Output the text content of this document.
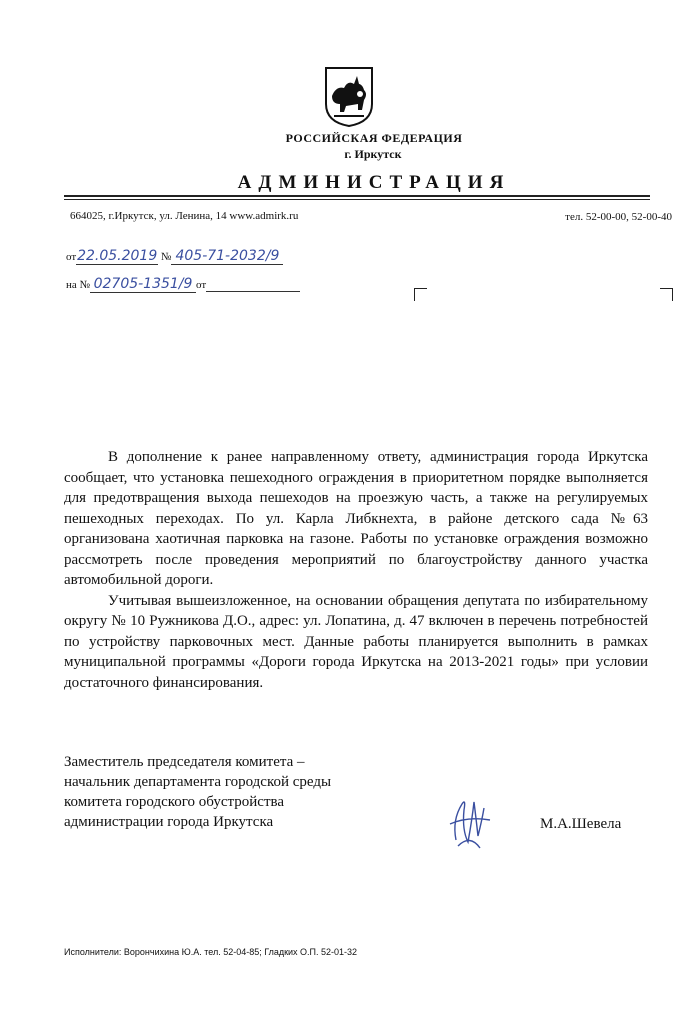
РОССИЙСКАЯ ФЕДЕРАЦИЯ
г. Иркутск
АДМИНИСТРАЦИЯ
664025, г.Иркутск, ул. Ленина, 14 www.admirk.ru	тел. 52-00-00, 52-00-40
от22.05.2019 № 405-71-2032/9
на № 02705-1351/9 от

В дополнение к ранее направленному ответу, администрация города Иркутска сообщает, что установка пешеходного ограждения в приоритетном порядке выполняется для предотвращения выхода пешеходов на проезжую часть, а также на регулируемых пешеходных переходах. По ул. Карла Либкнехта, в районе детского сада №63 организована хаотичная парковка на газоне. Работы по установке ограждения возможно рассмотреть после проведения мероприятий по благоустройству данного участка автомобильной дороги.

Учитывая вышеизложенное, на основании обращения депутата по избирательному округу № 10 Ружникова Д.О., адрес: ул. Лопатина, д. 47 включен в перечень потребностей по устройству парковочных мест. Данные работы планируется выполнить в рамках муниципальной программы «Дороги города Иркутска на 2013-2021 годы» при условии достаточного финансирования.

Заместитель председателя комитета –
начальник департамента городской среды
комитета городского обустройства
администрации города Иркутска	М.А.Шевела
Исполнители: Ворончихина Ю.А. тел. 52-04-85; Гладких О.П. 52-01-32
